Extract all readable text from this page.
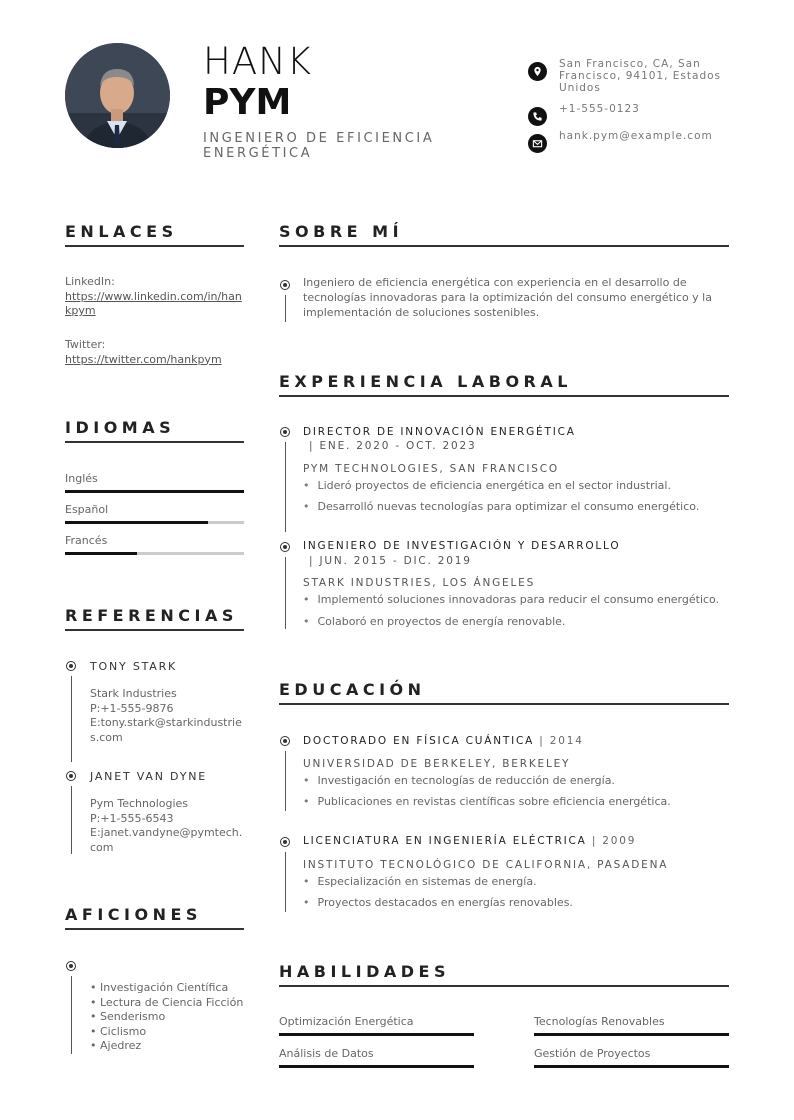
HANK
PYM
INGENIERO DE EFICIENCIA ENERGÉTICA
San Francisco, CA, San Francisco, 94101, Estados Unidos
+1-555-0123
hank.pym@example.com
ENLACES
LinkedIn:
https://www.linkedin.com/in/hankpym
Twitter:
https://twitter.com/hankpym
IDIOMAS
Inglés
Español
Francés
REFERENCIAS
TONY STARK
Stark Industries
P:+1-555-9876
E:tony.stark@starkindustries.com
JANET VAN DYNE
Pym Technologies
P:+1-555-6543
E:janet.vandyne@pymtech.com
AFICIONES
• Investigación Científica
• Lectura de Ciencia Ficción
• Senderismo
• Ciclismo
• Ajedrez
SOBRE MÍ
Ingeniero de eficiencia energética con experiencia en el desarrollo de tecnologías innovadoras para la optimización del consumo energético y la implementación de soluciones sostenibles.
EXPERIENCIA LABORAL
DIRECTOR DE INNOVACIÓN ENERGÉTICA
| ENE. 2020 - OCT. 2023
PYM TECHNOLOGIES, SAN FRANCISCO
• Lideró proyectos de eficiencia energética en el sector industrial.
• Desarrolló nuevas tecnologías para optimizar el consumo energético.
INGENIERO DE INVESTIGACIÓN Y DESARROLLO
| JUN. 2015 - DIC. 2019
STARK INDUSTRIES, LOS ÁNGELES
• Implementó soluciones innovadoras para reducir el consumo energético.
• Colaboró en proyectos de energía renovable.
EDUCACIÓN
DOCTORADO EN FÍSICA CUÁNTICA | 2014
UNIVERSIDAD DE BERKELEY, BERKELEY
• Investigación en tecnologías de reducción de energía.
• Publicaciones en revistas científicas sobre eficiencia energética.
LICENCIATURA EN INGENIERÍA ELÉCTRICA | 2009
INSTITUTO TECNOLÓGICO DE CALIFORNIA, PASADENA
• Especialización en sistemas de energía.
• Proyectos destacados en energías renovables.
HABILIDADES
Optimización Energética	Tecnologías Renovables
Análisis de Datos	Gestión de Proyectos
